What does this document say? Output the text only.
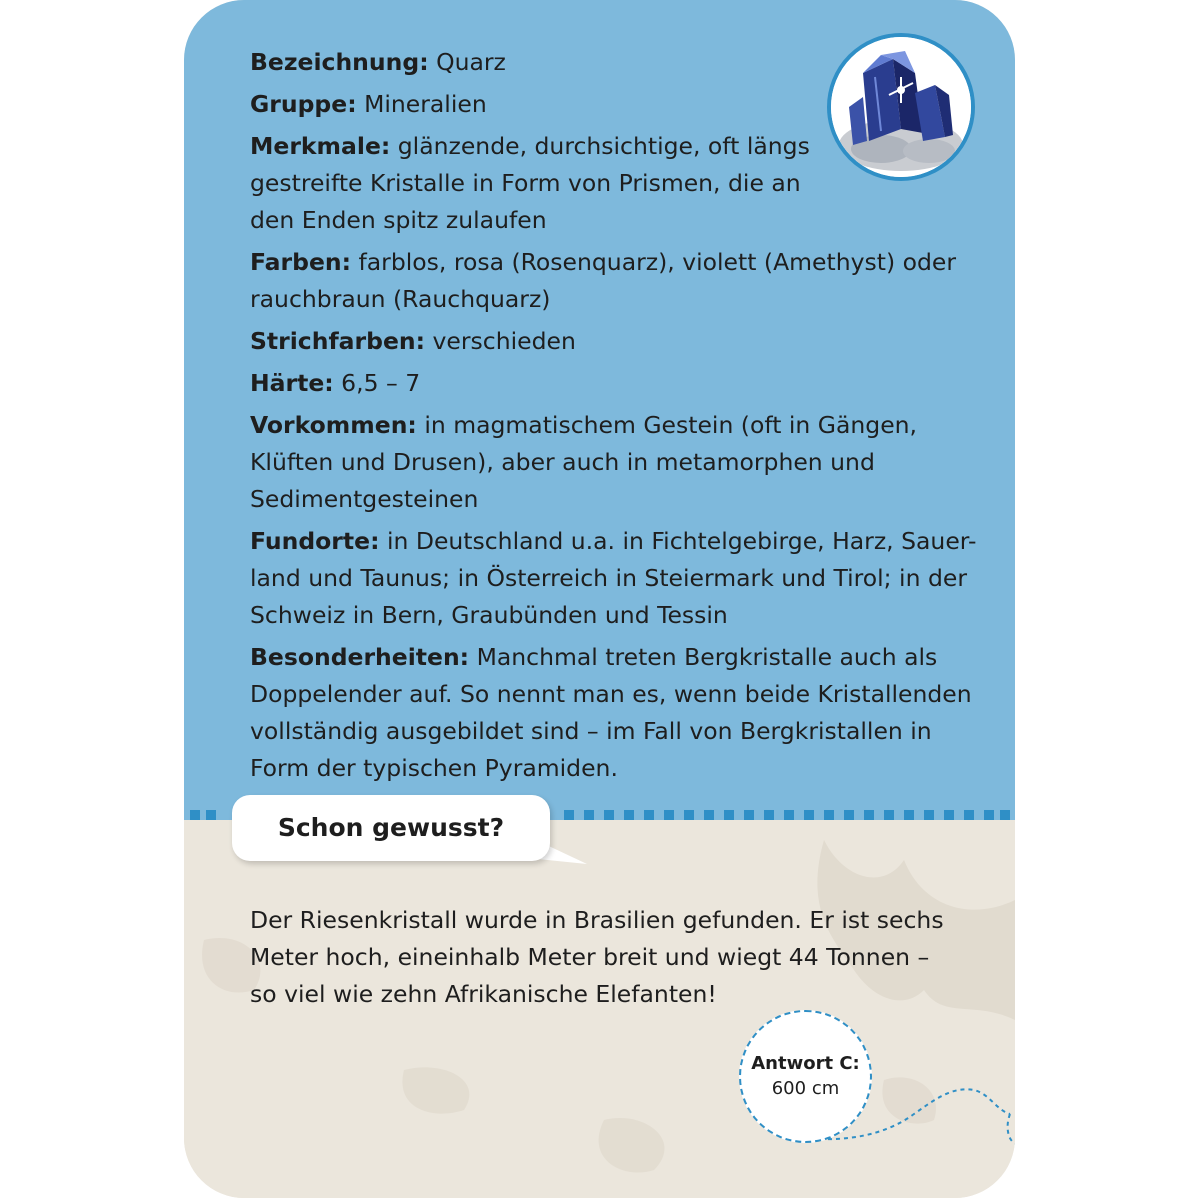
Bezeichnung: Quarz
Gruppe: Mineralien
Merkmale: glänzende, durchsichtige, oft längs gestreifte Kristalle in Form von Prismen, die an den Enden spitz zulaufen
Farben: farblos, rosa (Rosenquarz), violett (Amethyst) oder rauchbraun (Rauchquarz)
Strichfarben: verschieden
Härte: 6,5 – 7
Vorkommen: in magmatischem Gestein (oft in Gängen, Klüften und Drusen), aber auch in metamorphen und Sedimentgesteinen
Fundorte: in Deutschland u.a. in Fichtelgebirge, Harz, Sauer- land und Taunus; in Österreich in Steiermark und Tirol; in der Schweiz in Bern, Graubünden und Tessin
Besonderheiten: Manchmal treten Bergkristalle auch als Doppelender auf. So nennt man es, wenn beide Kristallenden vollständig ausgebildet sind – im Fall von Bergkristallen in Form der typischen Pyramiden.
Schon gewusst?

Der Riesenkristall wurde in Brasilien gefunden. Er ist sechs Meter hoch, eineinhalb Meter breit und wiegt 44 Tonnen – so viel wie zehn Afrikanische Elefanten!

Antwort C:
600 cm
